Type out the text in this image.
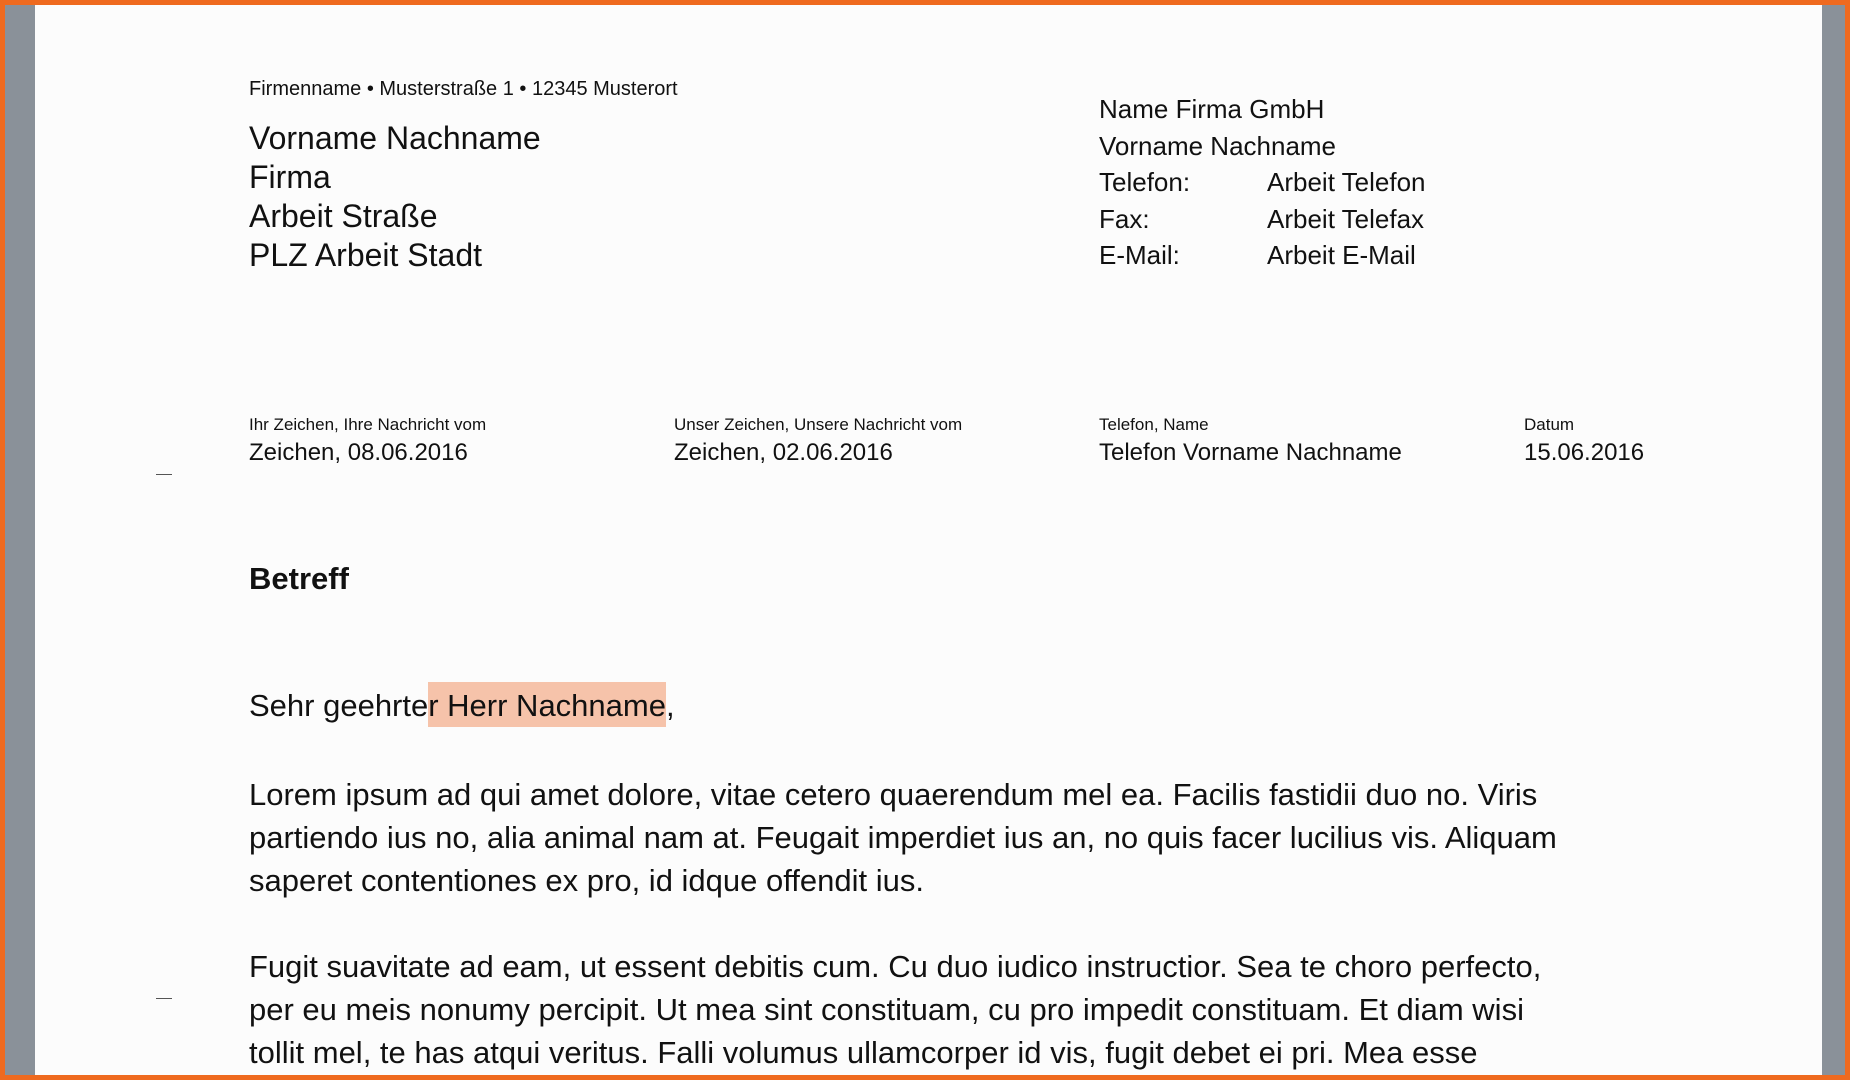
Firmenname • Musterstraße 1 • 12345 Musterort
Vorname Nachname
Firma
Arbeit Straße
PLZ Arbeit Stadt
Name Firma GmbH
Vorname Nachname
Telefon:	Arbeit Telefon
Fax:	Arbeit Telefax
E-Mail:	Arbeit E-Mail
Ihr Zeichen, Ihre Nachricht vom
Zeichen, 08.06.2016
Unser Zeichen, Unsere Nachricht vom
Zeichen, 02.06.2016
Telefon, Name
Telefon Vorname Nachname
Datum
15.06.2016
Betreff
Sehr geehrter Herr Nachname,
Lorem ipsum ad qui amet dolore, vitae cetero quaerendum mel ea. Facilis fastidii duo no. Viris
partiendo ius no, alia animal nam at. Feugait imperdiet ius an, no quis facer lucilius vis. Aliquam
saperet contentiones ex pro, id idque offendit ius.
Fugit suavitate ad eam, ut essent debitis cum. Cu duo iudico instructior. Sea te choro perfecto,
per eu meis nonumy percipit. Ut mea sint constituam, cu pro impedit constituam. Et diam wisi
tollit mel, te has atqui veritus. Falli volumus ullamcorper id vis, fugit debet ei pri. Mea esse
